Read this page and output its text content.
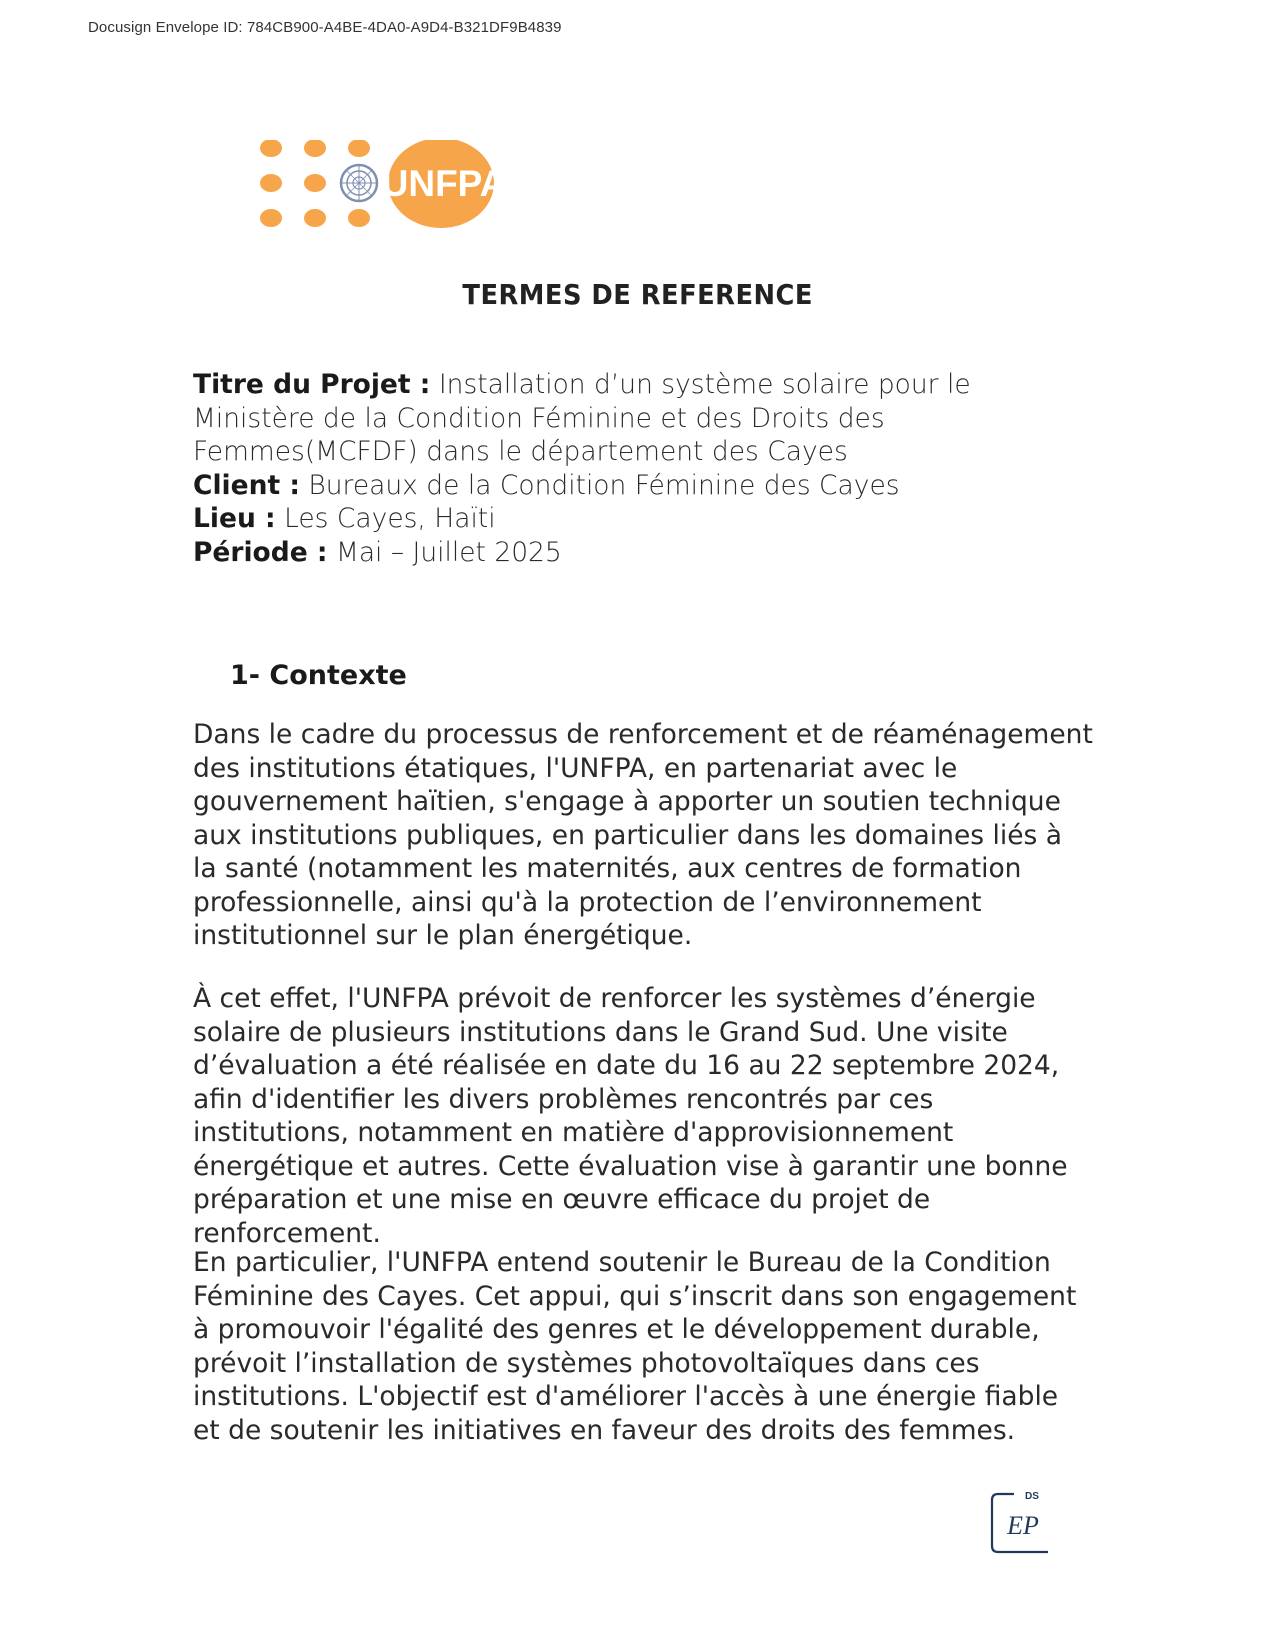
Docusign Envelope ID: 784CB900-A4BE-4DA0-A9D4-B321DF9B4839
UNFPA
TERMES DE REFERENCE
Titre du Projet : Installation d’un système solaire pour le Ministère de la Condition Féminine et des Droits des Femmes(MCFDF) dans le département des Cayes
Client : Bureaux de la Condition Féminine des Cayes
Lieu : Les Cayes, Haïti
Période : Mai – Juillet 2025
1- Contexte

Dans le cadre du processus de renforcement et de réaménagement des institutions étatiques, l'UNFPA, en partenariat avec le gouvernement haïtien, s'engage à apporter un soutien technique aux institutions publiques, en particulier dans les domaines liés à la santé (notamment les maternités, aux centres de formation professionnelle, ainsi qu'à la protection de l’environnement institutionnel sur le plan énergétique.

À cet effet, l'UNFPA prévoit de renforcer les systèmes d’énergie solaire de plusieurs institutions dans le Grand Sud. Une visite d’évaluation a été réalisée en date du 16 au 22 septembre 2024, afin d'identifier les divers problèmes rencontrés par ces institutions, notamment en matière d'approvisionnement énergétique et autres. Cette évaluation vise à garantir une bonne préparation et une mise en œuvre efficace du projet de renforcement.

En particulier, l'UNFPA entend soutenir le Bureau de la Condition Féminine des Cayes. Cet appui, qui s’inscrit dans son engagement à promouvoir l'égalité des genres et le développement durable, prévoit l’installation de systèmes photovoltaïques dans ces institutions. L'objectif est d'améliorer l'accès à une énergie fiable et de soutenir les initiatives en faveur des droits des femmes.

DS
EP
